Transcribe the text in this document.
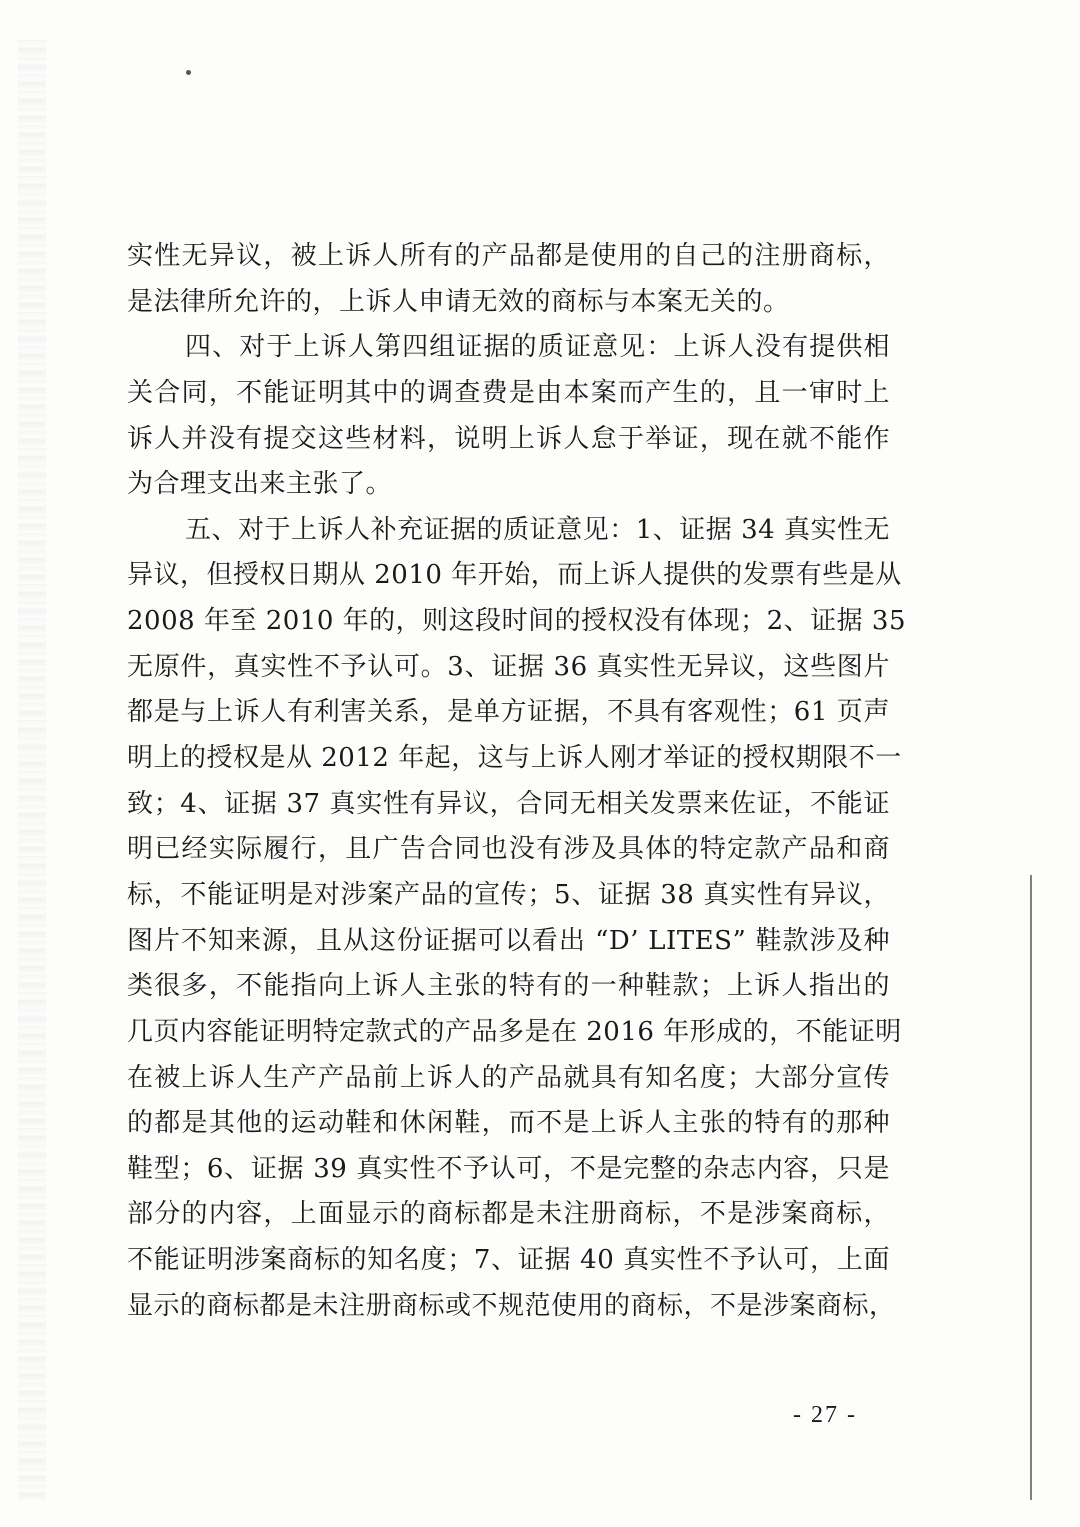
实性无异议，被上诉人所有的产品都是使用的自己的注册商标，
是法律所允许的，上诉人申请无效的商标与本案无关的。
四、对于上诉人第四组证据的质证意见：上诉人没有提供相
关合同，不能证明其中的调查费是由本案而产生的，且一审时上
诉人并没有提交这些材料，说明上诉人怠于举证，现在就不能作
为合理支出来主张了。
五、对于上诉人补充证据的质证意见：1、证据 34 真实性无
异议，但授权日期从 2010 年开始，而上诉人提供的发票有些是从
2008 年至 2010 年的，则这段时间的授权没有体现；2、证据 35
无原件，真实性不予认可。3、证据 36 真实性无异议，这些图片
都是与上诉人有利害关系，是单方证据，不具有客观性；61 页声
明上的授权是从 2012 年起，这与上诉人刚才举证的授权期限不一
致；4、证据 37 真实性有异议，合同无相关发票来佐证，不能证
明已经实际履行，且广告合同也没有涉及具体的特定款产品和商
标，不能证明是对涉案产品的宣传；5、证据 38 真实性有异议，
图片不知来源，且从这份证据可以看出 “D’ LITES” 鞋款涉及种
类很多，不能指向上诉人主张的特有的一种鞋款；上诉人指出的
几页内容能证明特定款式的产品多是在 2016 年形成的，不能证明
在被上诉人生产产品前上诉人的产品就具有知名度；大部分宣传
的都是其他的运动鞋和休闲鞋，而不是上诉人主张的特有的那种
鞋型；6、证据 39 真实性不予认可，不是完整的杂志内容，只是
部分的内容，上面显示的商标都是未注册商标，不是涉案商标，
不能证明涉案商标的知名度；7、证据 40 真实性不予认可，上面
显示的商标都是未注册商标或不规范使用的商标，不是涉案商标，
- 27 -
